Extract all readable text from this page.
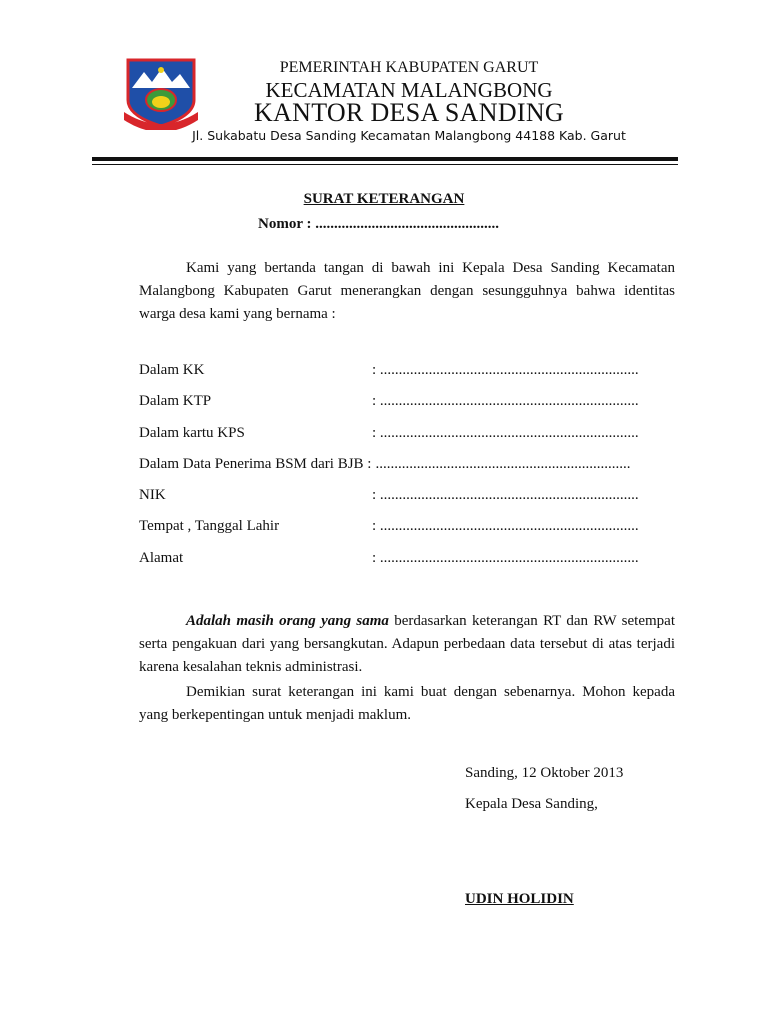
PEMERINTAH KABUPATEN GARUT
KECAMATAN MALANGBONG
KANTOR DESA SANDING
Jl. Sukabatu Desa Sanding Kecamatan Malangbong 44188 Kab. Garut
SURAT KETERANGAN
Nomor : .................................................
Kami yang bertanda tangan di bawah ini Kepala Desa Sanding Kecamatan Malangbong Kabupaten Garut menerangkan dengan sesungguhnya bahwa identitas warga desa kami yang bernama :
Dalam KK	: .....................................................................
Dalam KTP	: .....................................................................
Dalam kartu KPS	: .....................................................................
Dalam Data Penerima BSM dari BJB : ....................................................................
NIK	: .....................................................................
Tempat , Tanggal Lahir	: .....................................................................
Alamat	: .....................................................................
Adalah masih orang yang sama berdasarkan keterangan RT dan RW setempat serta pengakuan dari yang bersangkutan. Adapun perbedaan data tersebut di atas terjadi karena kesalahan teknis administrasi.
Demikian surat keterangan ini kami buat dengan sebenarnya. Mohon kepada yang berkepentingan untuk menjadi maklum.
Sanding, 12 Oktober 2013
Kepala Desa Sanding,
UDIN HOLIDIN
